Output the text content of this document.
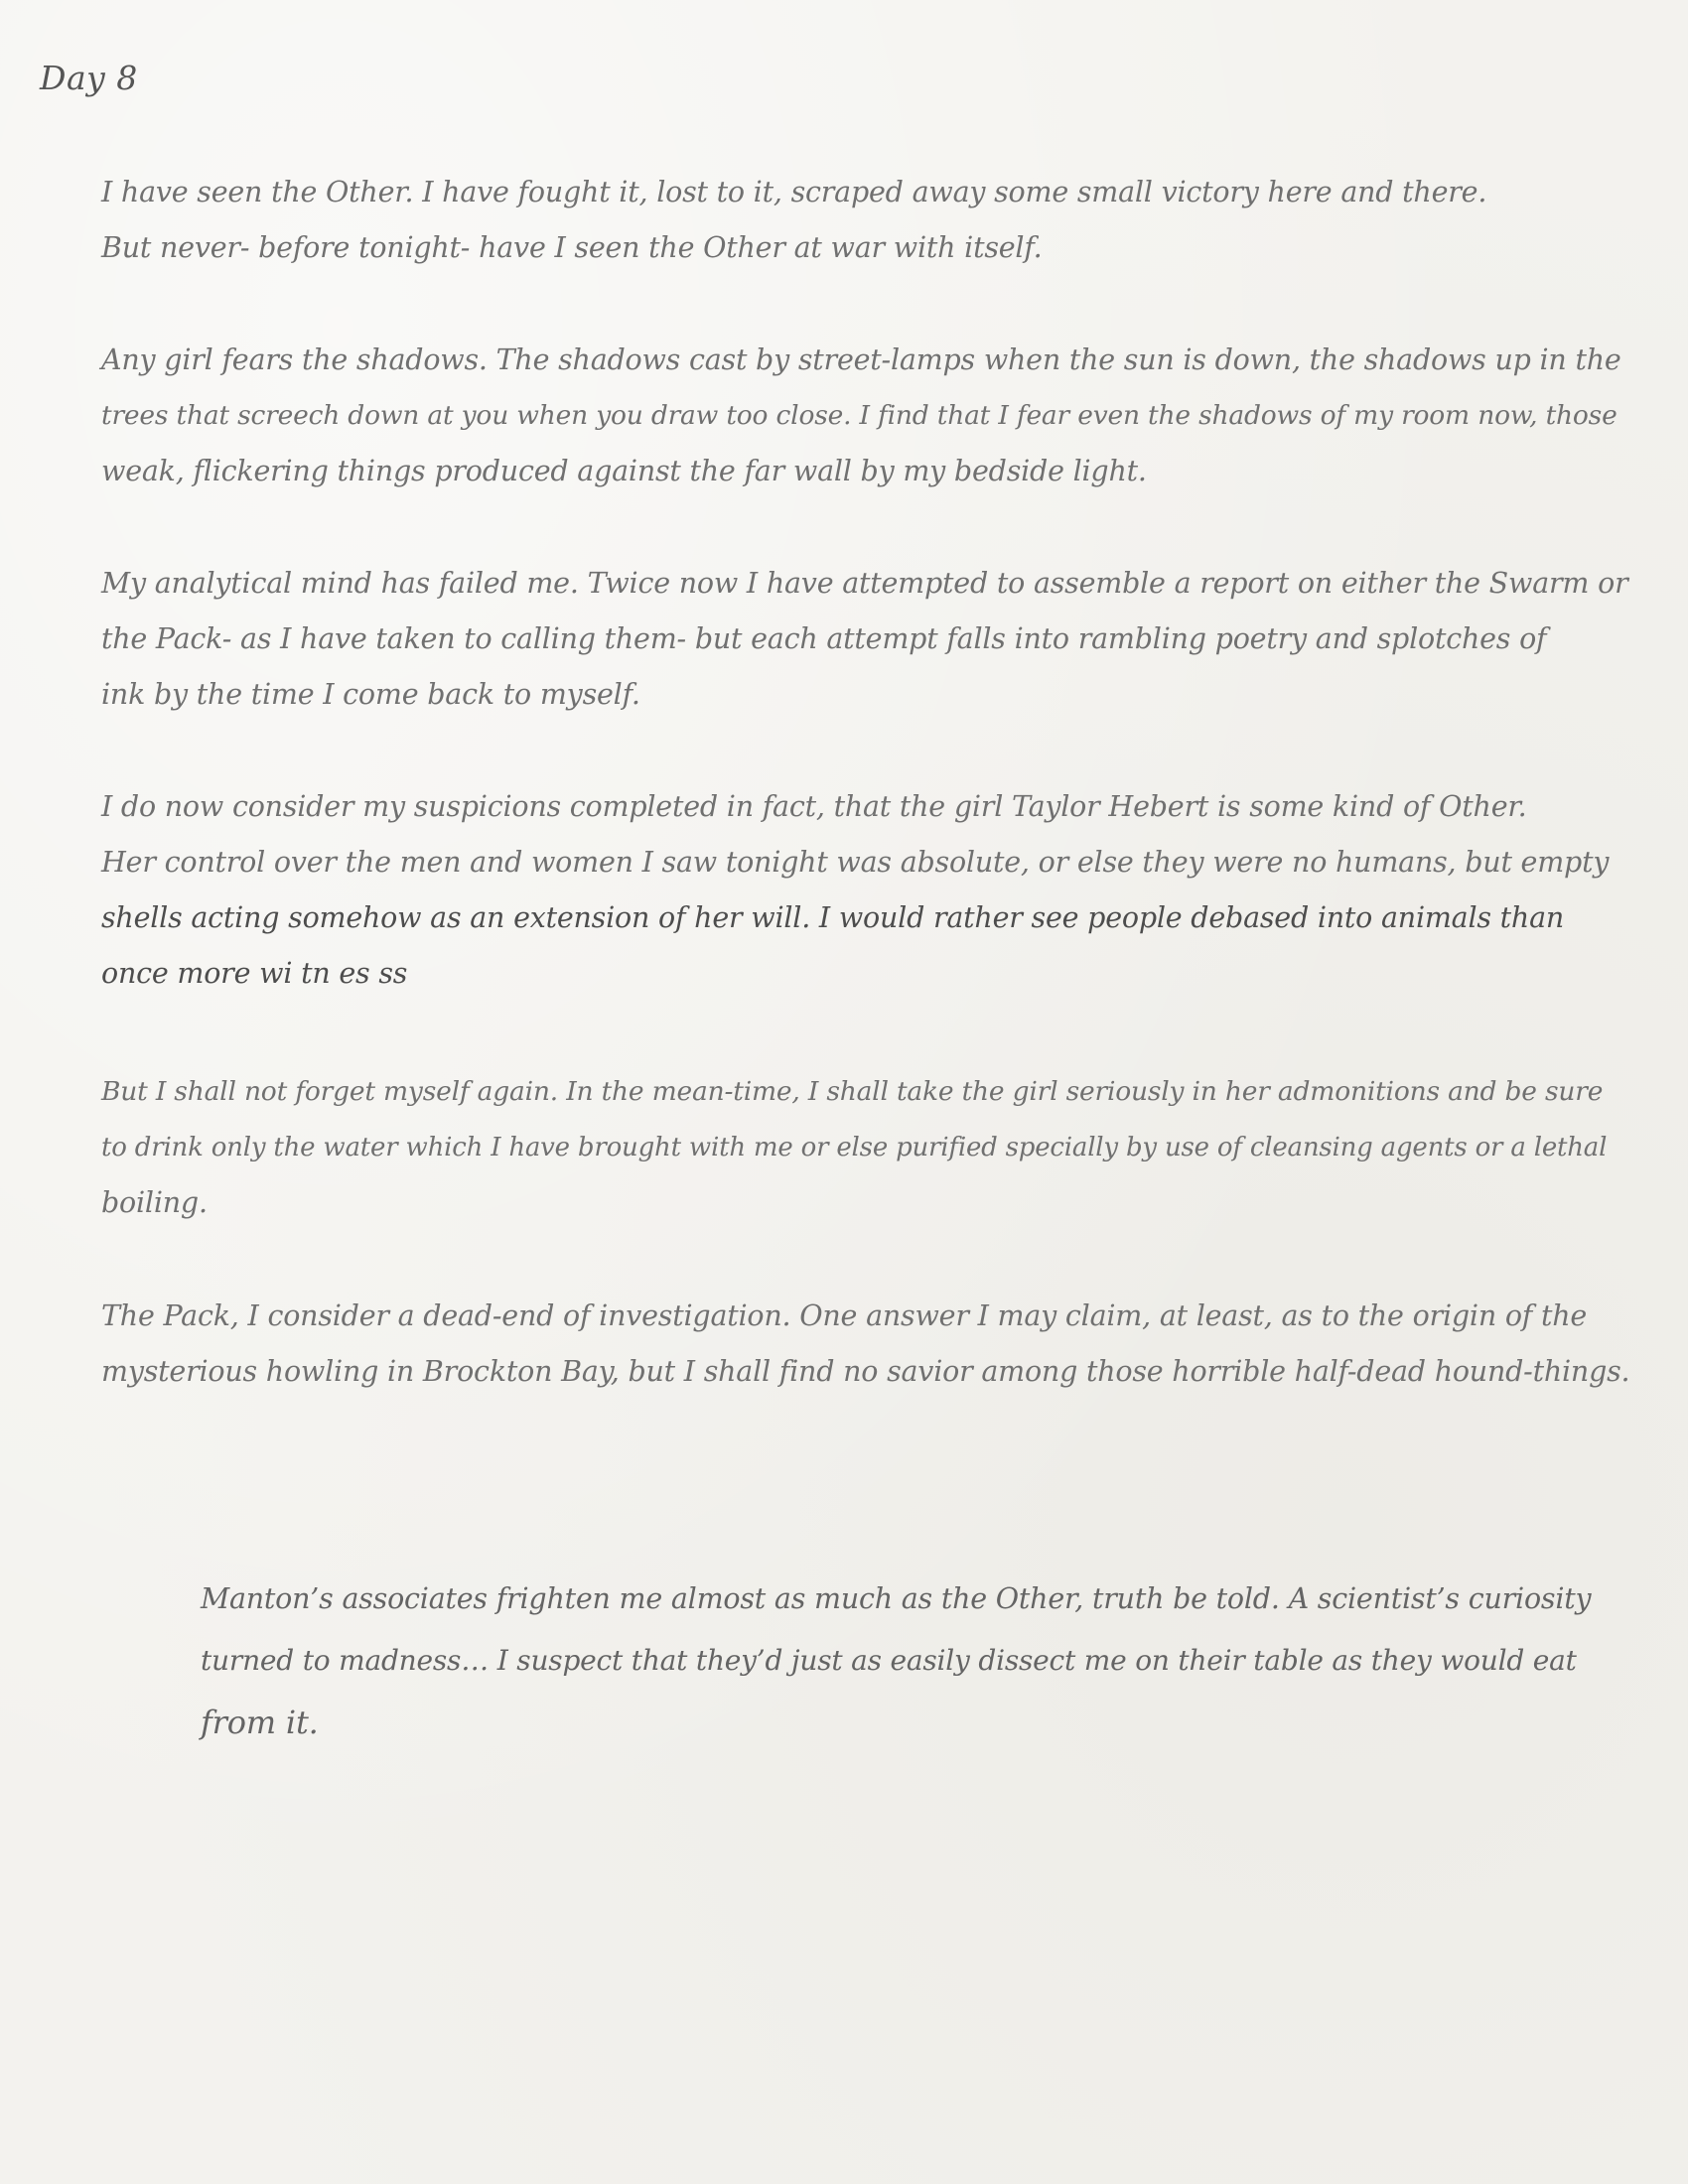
Day 8
I have seen the Other. I have fought it, lost to it, scraped away some small victory here and there.
But never- before tonight- have I seen the Other at war with itself.
Any girl fears the shadows. The shadows cast by street-lamps when the sun is down, the shadows up in the
trees that screech down at you when you draw too close. I find that I fear even the shadows of my room now, those
weak, flickering things produced against the far wall by my bedside light.
My analytical mind has failed me. Twice now I have attempted to assemble a report on either the Swarm or
the Pack- as I have taken to calling them- but each attempt falls into rambling poetry and splotches of
ink by the time I come back to myself.
I do now consider my suspicions completed in fact, that the girl Taylor Hebert is some kind of Other.
Her control over the men and women I saw tonight was absolute, or else they were no humans, but empty
shells acting somehow as an extension of her will. I would rather see people debased into animals than
once more wi tn es ss
But I shall not forget myself again. In the mean-time, I shall take the girl seriously in her admonitions and be sure
to drink only the water which I have brought with me or else purified specially by use of cleansing agents or a lethal
boiling.
The Pack, I consider a dead-end of investigation. One answer I may claim, at least, as to the origin of the
mysterious howling in Brockton Bay, but I shall find no savior among those horrible half-dead hound-things.
Manton’s associates frighten me almost as much as the Other, truth be told. A scientist’s curiosity
turned to madness… I suspect that they’d just as easily dissect me on their table as they would eat
from it.
